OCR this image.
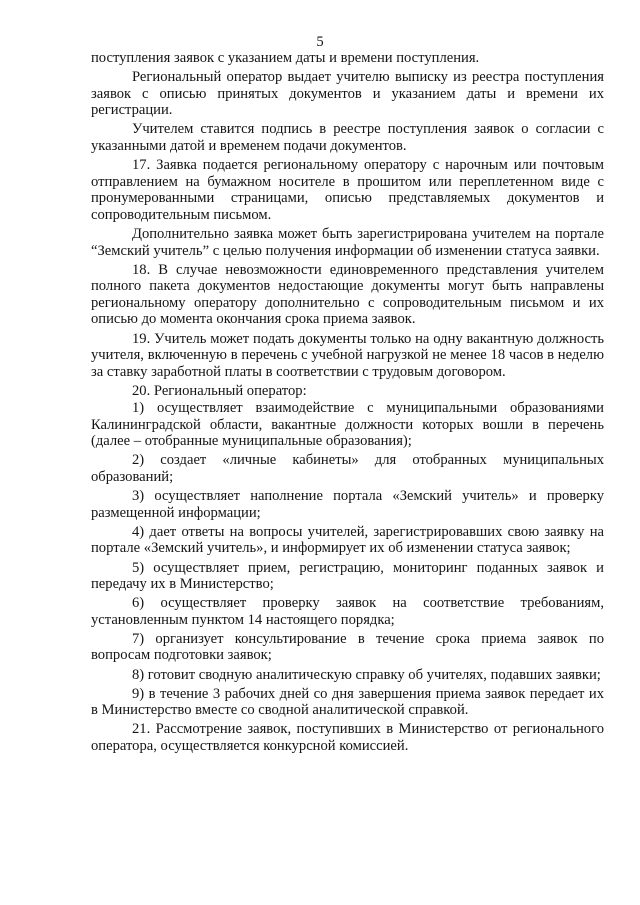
5

поступления заявок с указанием даты и времени поступления.

Региональный оператор выдает учителю выписку из реестра поступления заявок с описью принятых документов и указанием даты и времени их регистрации.

Учителем ставится подпись в реестре поступления заявок о согласии с указанными датой и временем подачи документов.

17. Заявка подается региональному оператору с нарочным или почтовым отправлением на бумажном носителе в прошитом или переплетенном виде с пронумерованными страницами, описью представляемых документов и сопроводительным письмом.

Дополнительно заявка может быть зарегистрирована учителем на портале “Земский учитель” с целью получения информации об изменении статуса заявки.

18. В случае невозможности единовременного представления учителем полного пакета документов недостающие документы могут быть направлены региональному оператору дополнительно с сопроводительным письмом и их описью до момента окончания срока приема заявок.

19. Учитель может подать документы только на одну вакантную должность учителя, включенную в перечень с учебной нагрузкой не менее 18 часов в неделю за ставку заработной платы в соответствии с трудовым договором.

20. Региональный оператор:

1) осуществляет взаимодействие с муниципальными образованиями Калининградской области, вакантные должности которых вошли в перечень (далее – отобранные муниципальные образования);

2) создает «личные кабинеты» для отобранных муниципальных образований;

3) осуществляет наполнение портала «Земский учитель» и проверку размещенной информации;

4) дает ответы на вопросы учителей, зарегистрировавших свою заявку на портале «Земский учитель», и информирует их об изменении статуса заявок;

5) осуществляет прием, регистрацию, мониторинг поданных заявок и передачу их в Министерство;

6) осуществляет проверку заявок на соответствие требованиям, установленным пунктом 14 настоящего порядка;

7) организует консультирование в течение срока приема заявок по вопросам подготовки заявок;

8) готовит сводную аналитическую справку об учителях, подавших заявки;

9) в течение 3 рабочих дней со дня завершения приема заявок передает их в Министерство вместе со сводной аналитической справкой.

21. Рассмотрение заявок, поступивших в Министерство от регионального оператора, осуществляется конкурсной комиссией.
